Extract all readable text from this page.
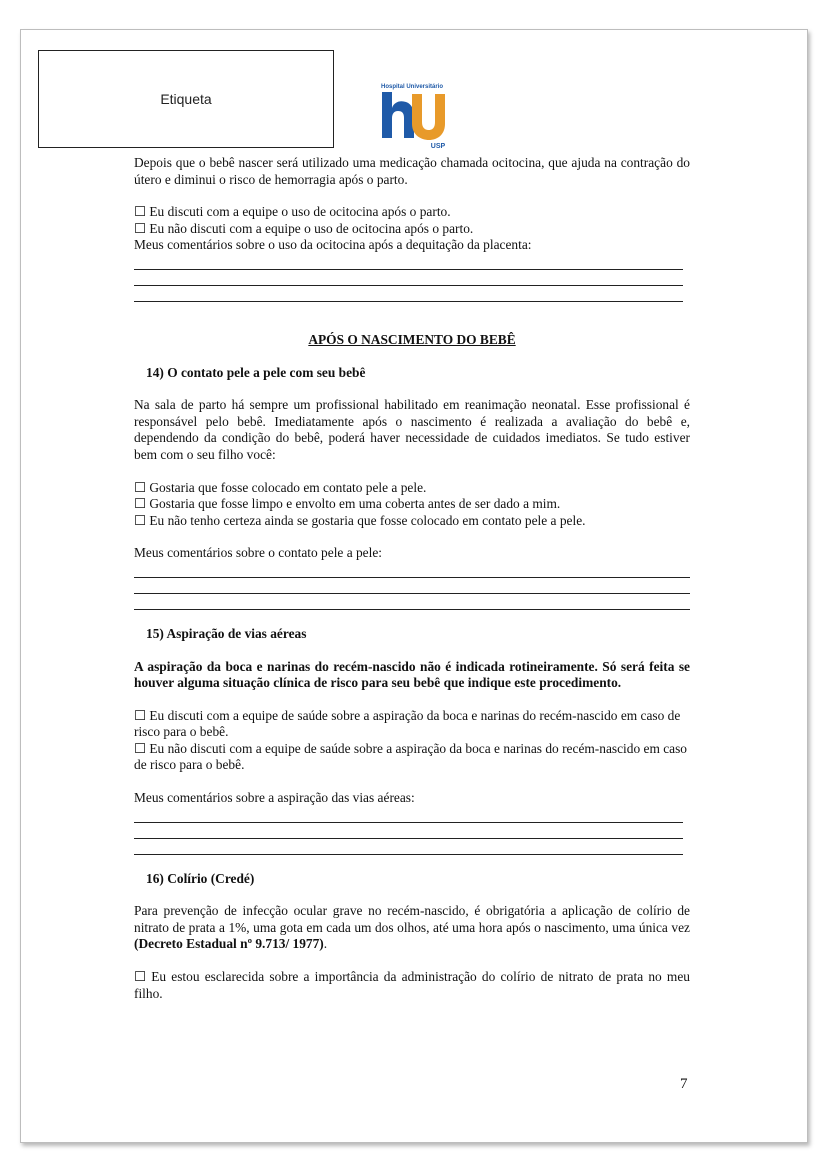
Etiqueta
Hospital Universitário
USP

Depois que o bebê nascer será utilizado uma medicação chamada ocitocina, que ajuda na contração do útero e diminui o risco de hemorragia após o parto.

☐ Eu discuti com a equipe o uso de ocitocina após o parto.

☐ Eu não discuti com a equipe o uso de ocitocina após o parto.

Meus comentários sobre o uso da ocitocina após a dequitação da placenta:

APÓS O NASCIMENTO DO BEBÊ

14) O contato pele a pele com seu bebê

Na sala de parto há sempre um profissional habilitado em reanimação neonatal. Esse profissional é responsável pelo bebê. Imediatamente após o nascimento é realizada a avaliação do bebê e, dependendo da condição do bebê, poderá haver necessidade de cuidados imediatos. Se tudo estiver bem com o seu filho você:

☐ Gostaria que fosse colocado em contato pele a pele.

☐ Gostaria que fosse limpo e envolto em uma coberta antes de ser dado a mim.

☐ Eu não tenho certeza ainda se gostaria que fosse colocado em contato pele a pele.

Meus comentários sobre o contato pele a pele:

15) Aspiração de vias aéreas

A aspiração da boca e narinas do recém-nascido não é indicada rotineiramente. Só será feita se houver alguma situação clínica de risco para seu bebê que indique este procedimento.

☐ Eu discuti com a equipe de saúde sobre a aspiração da boca e narinas do recém-nascido em caso de risco para o bebê.

☐ Eu não discuti com a equipe de saúde sobre a aspiração da boca e narinas do recém-nascido em caso de risco para o bebê.

Meus comentários sobre a aspiração das vias aéreas:

16) Colírio (Credé)

Para prevenção de infecção ocular grave no recém-nascido, é obrigatória a aplicação de colírio de nitrato de prata a 1%, uma gota em cada um dos olhos, até uma hora após o nascimento, uma única vez (Decreto Estadual nº 9.713/ 1977).

☐ Eu estou esclarecida sobre a importância da administração do colírio de nitrato de prata no meu filho.

7
